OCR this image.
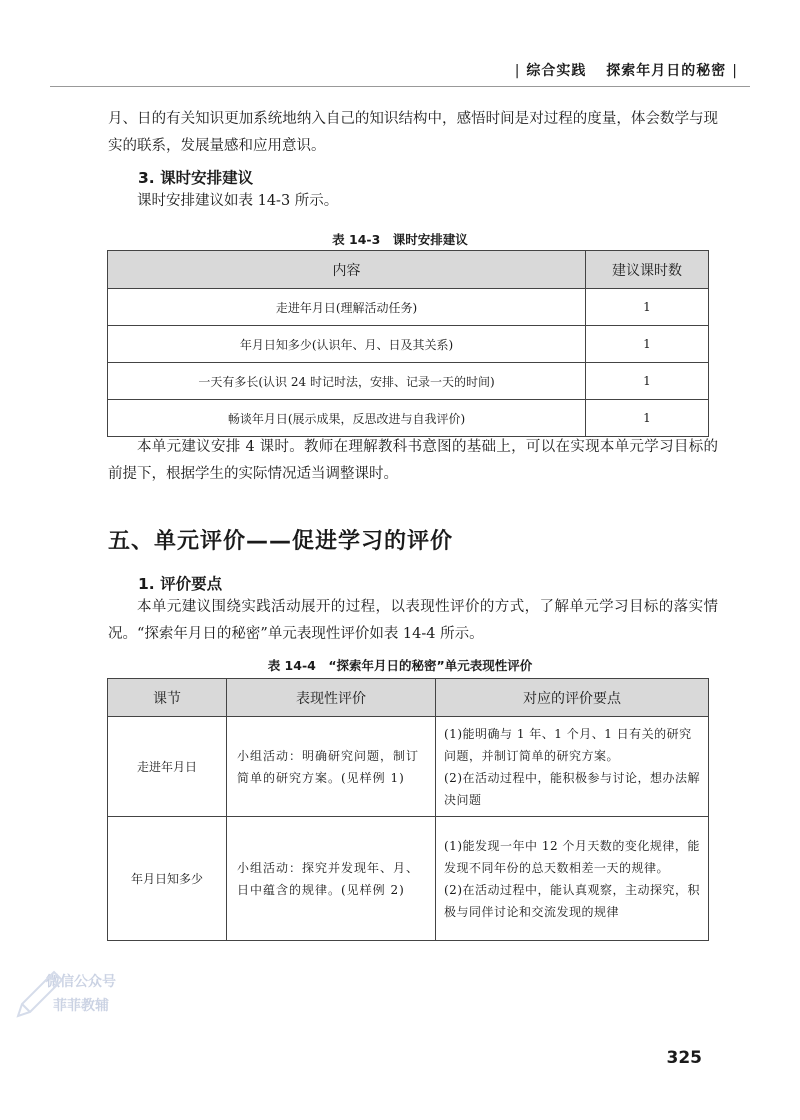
| 综合实践 探索年月日的秘密 |
月、日的有关知识更加系统地纳入自己的知识结构中，感悟时间是对过程的度量，体会数学与现实的联系，发展量感和应用意识。
3. 课时安排建议
课时安排建议如表 14-3 所示。
表 14-3　课时安排建议
内容	建议课时数
走进年月日(理解活动任务)	1
年月日知多少(认识年、月、日及其关系)	1
一天有多长(认识 24 时记时法，安排、记录一天的时间)	1
畅谈年月日(展示成果，反思改进与自我评价)	1
本单元建议安排 4 课时。教师在理解教科书意图的基础上，可以在实现本单元学习目标的前提下，根据学生的实际情况适当调整课时。
五、单元评价——促进学习的评价
1. 评价要点
本单元建议围绕实践活动展开的过程，以表现性评价的方式，了解单元学习目标的落实情况。“探索年月日的秘密”单元表现性评价如表 14-4 所示。
表 14-4　“探索年月日的秘密”单元表现性评价
课节	表现性评价	对应的评价要点
走进年月日	小组活动：明确研究问题，制订简单的研究方案。(见样例 1)	(1)能明确与 1 年、1 个月、1 日有关的研究问题，并制订简单的研究方案。
(2)在活动过程中，能积极参与讨论，想办法解决问题

年月日知多少	小组活动：探究并发现年、月、日中蕴含的规律。(见样例 2)	(1)能发现一年中 12 个月天数的变化规律，能发现不同年份的总天数相差一天的规律。
(2)在活动过程中，能认真观察，主动探究，积极与同伴讨论和交流发现的规律
微信公众号
菲菲教辅
325
